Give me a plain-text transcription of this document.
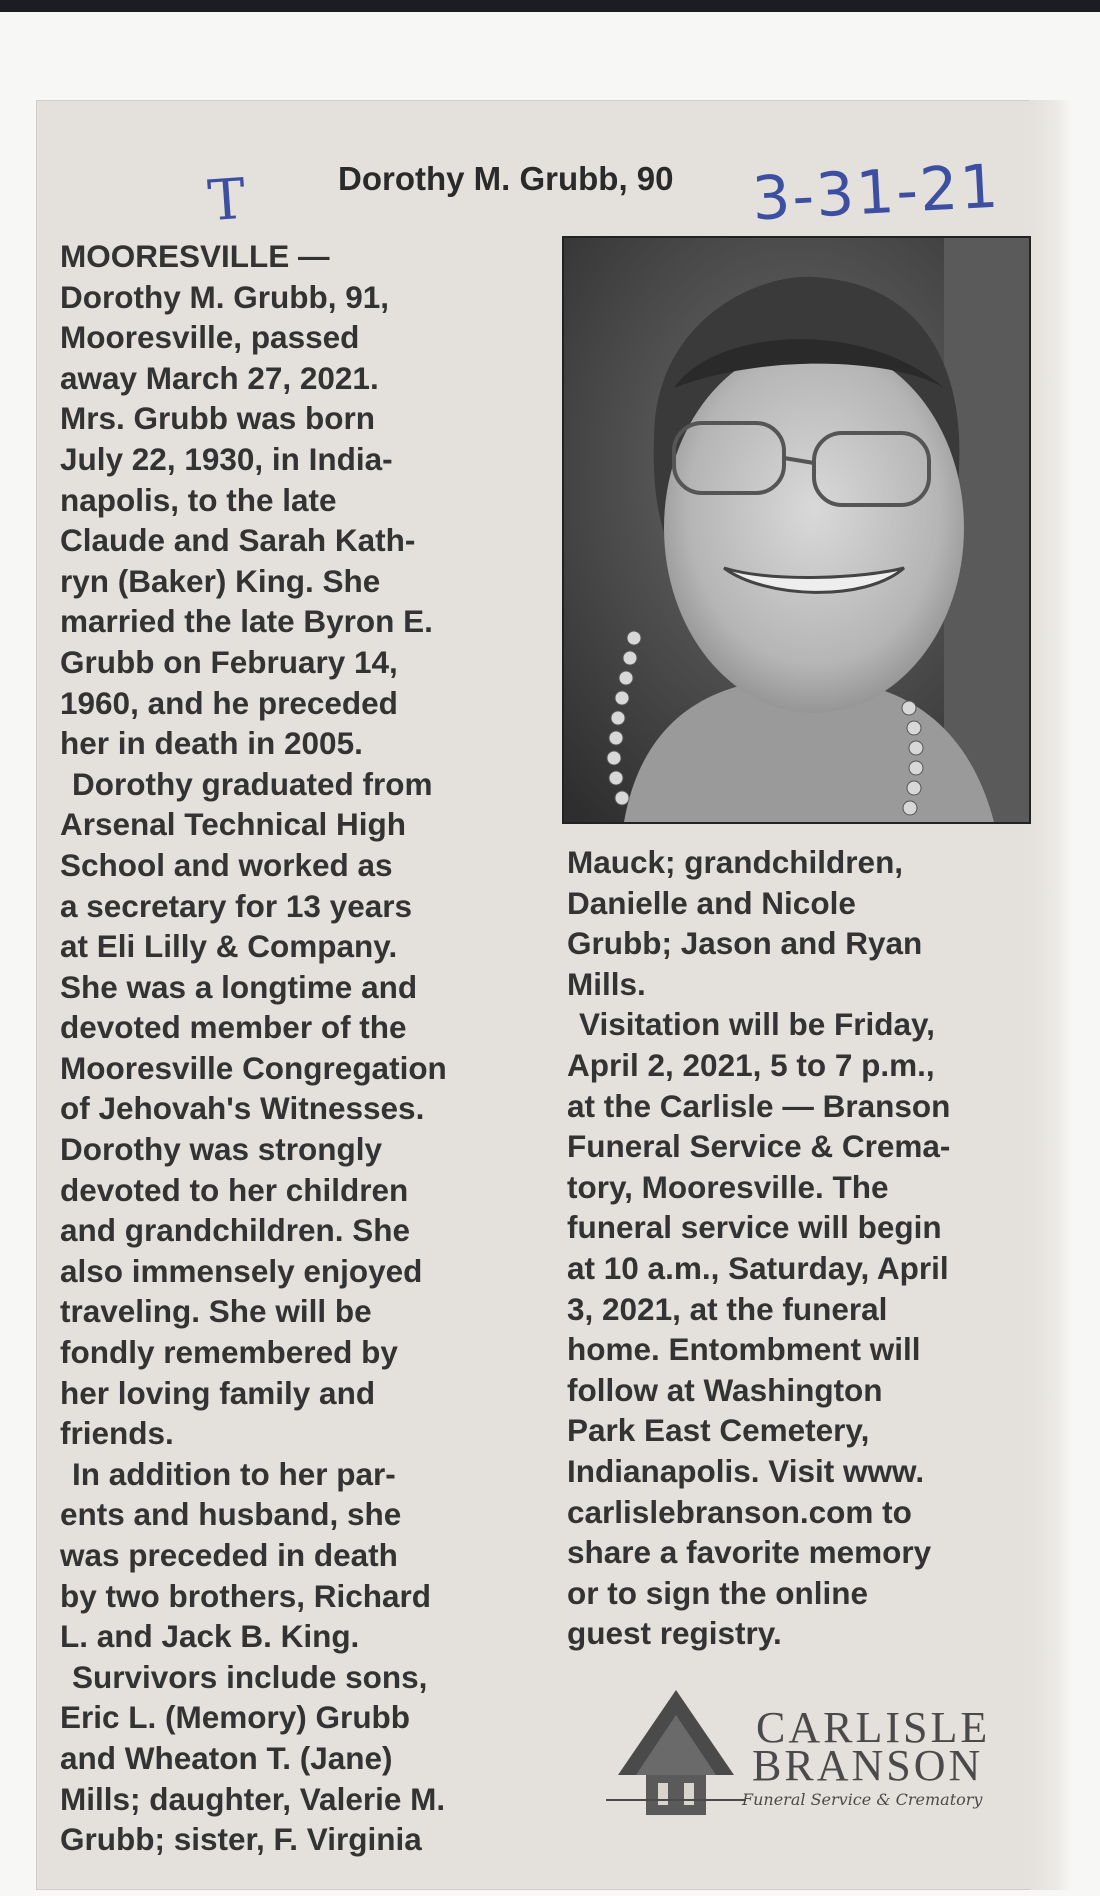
T	Dorothy M. Grubb, 90 3-31-21
MOORESVILLE —
Dorothy M. Grubb, 91,
Mooresville, passed
away March 27, 2021.
Mrs. Grubb was born
July 22, 1930, in India-
napolis, to the late
Claude and Sarah Kath-
ryn (Baker) King. She
married the late Byron E.
Grubb on February 14,
1960, and he preceded
her in death in 2005.
Dorothy graduated from
Arsenal Technical High
School and worked as
a secretary for 13 years
at Eli Lilly & Company.
She was a longtime and
devoted member of the
Mooresville Congregation
of Jehovah's Witnesses.
Dorothy was strongly
devoted to her children
and grandchildren. She
also immensely enjoyed
traveling. She will be
fondly remembered by
her loving family and
friends.
In addition to her par-
ents and husband, she
was preceded in death
by two brothers, Richard
L. and Jack B. King.
Survivors include sons,
Eric L. (Memory) Grubb
and Wheaton T. (Jane)
Mills; daughter, Valerie M.
Grubb; sister, F. Virginia
Mauck; grandchildren,
Danielle and Nicole
Grubb; Jason and Ryan
Mills.
Visitation will be Friday,
April 2, 2021, 5 to 7 p.m.,
at the Carlisle — Branson
Funeral Service & Crema-
tory, Mooresville. The
funeral service will begin
at 10 a.m., Saturday, April
3, 2021, at the funeral
home. Entombment will
follow at Washington
Park East Cemetery,
Indianapolis. Visit www.
carlislebranson.com to
share a favorite memory
or to sign the online
guest registry.
CARLISLE
BRANSON
Funeral Service & Crematory
